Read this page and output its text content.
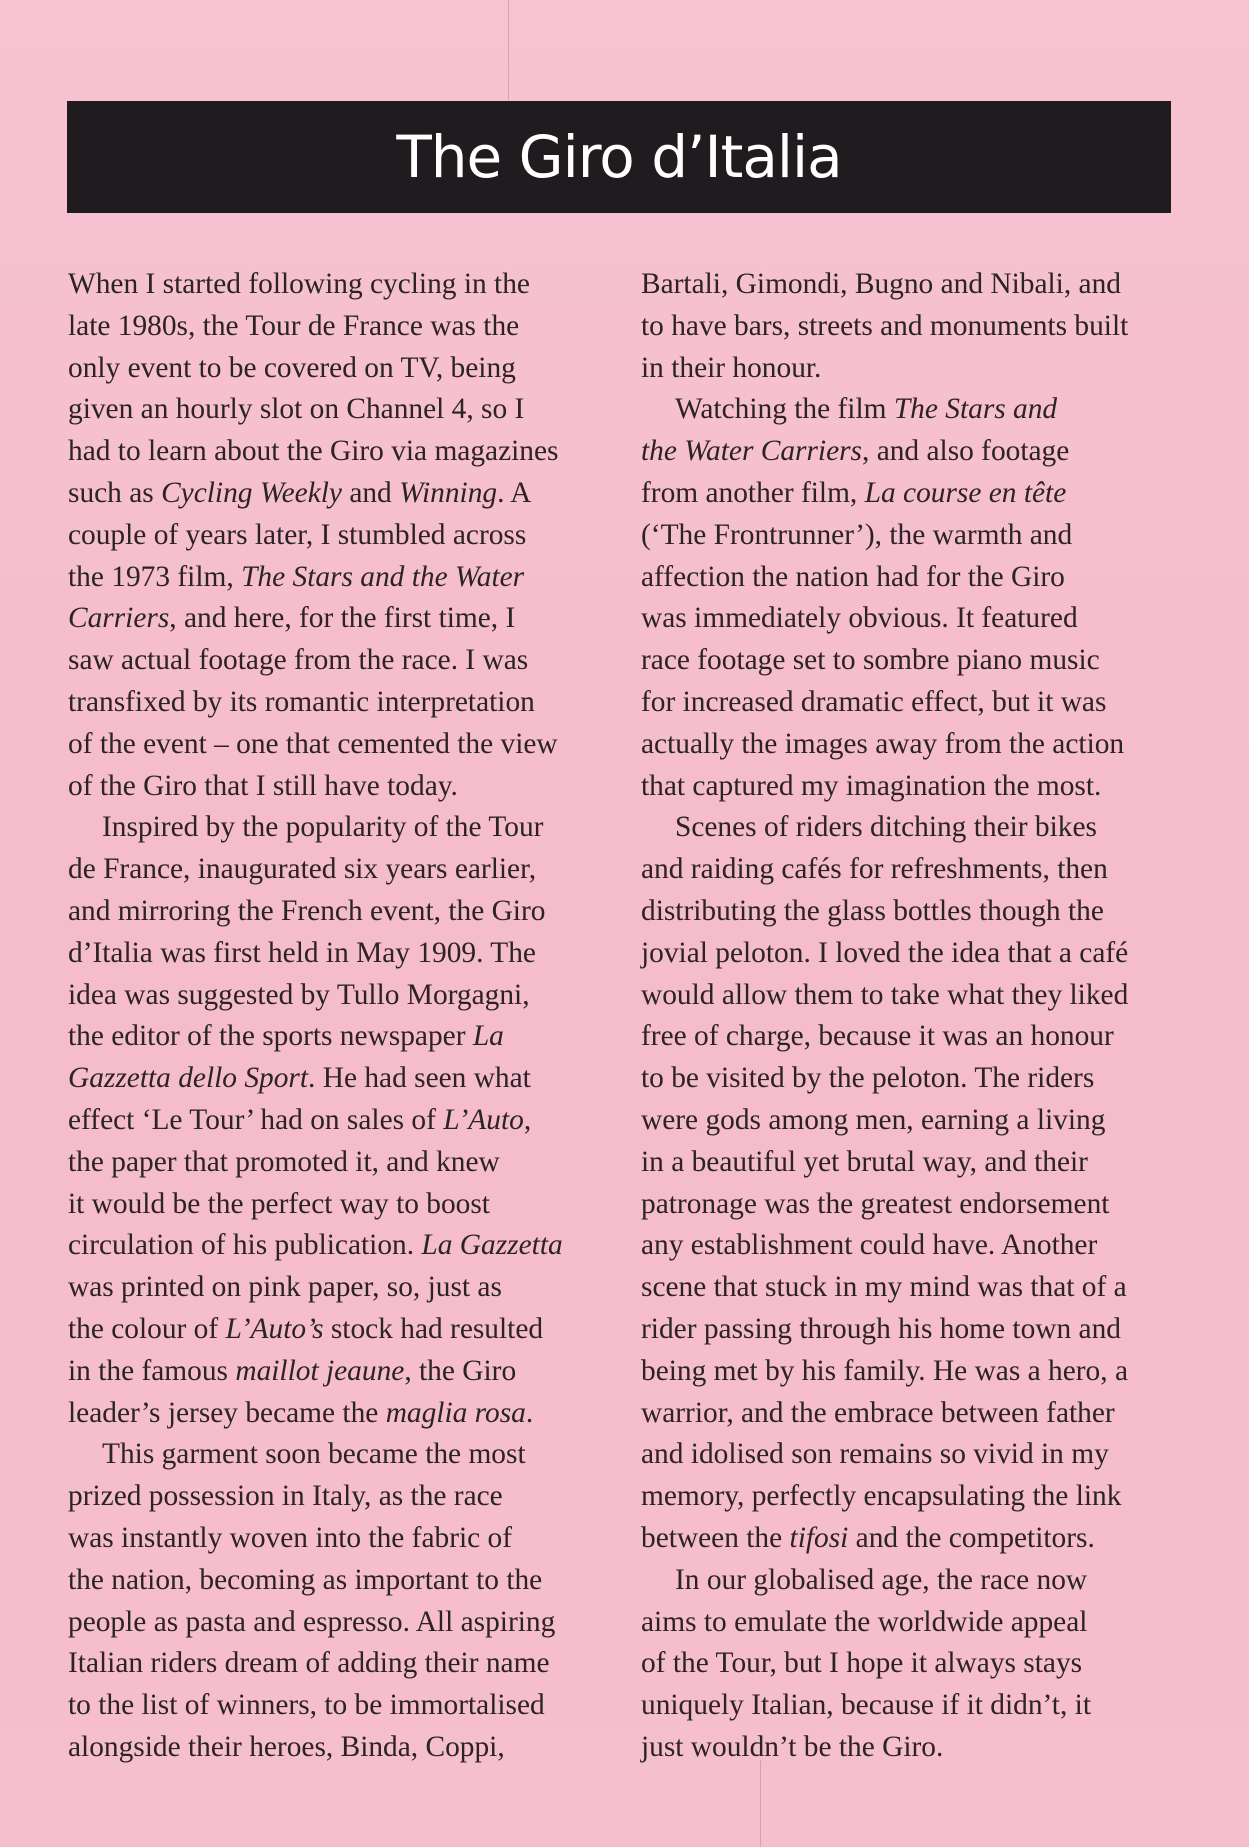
The Giro d’Italia

When I started following cycling in the
late 1980s, the Tour de France was the
only event to be covered on TV, being
given an hourly slot on Channel 4, so I
had to learn about the Giro via magazines
such as Cycling Weekly and Winning. A
couple of years later, I stumbled across
the 1973 film, The Stars and the Water
Carriers, and here, for the first time, I
saw actual footage from the race. I was
transfixed by its romantic interpretation
of the event – one that cemented the view
of the Giro that I still have today.

Inspired by the popularity of the Tour
de France, inaugurated six years earlier,
and mirroring the French event, the Giro
d’Italia was first held in May 1909. The
idea was suggested by Tullo Morgagni,
the editor of the sports newspaper La
Gazzetta dello Sport. He had seen what
effect ‘Le Tour’ had on sales of L’Auto,
the paper that promoted it, and knew
it would be the perfect way to boost
circulation of his publication. La Gazzetta
was printed on pink paper, so, just as
the colour of L’Auto’s stock had resulted
in the famous maillot jeaune, the Giro
leader’s jersey became the maglia rosa.

This garment soon became the most
prized possession in Italy, as the race
was instantly woven into the fabric of
the nation, becoming as important to the
people as pasta and espresso. All aspiring
Italian riders dream of adding their name
to the list of winners, to be immortalised
alongside their heroes, Binda, Coppi,

Bartali, Gimondi, Bugno and Nibali, and
to have bars, streets and monuments built
in their honour.

Watching the film The Stars and
the Water Carriers, and also footage
from another film, La course en tête
(‘The Frontrunner’), the warmth and
affection the nation had for the Giro
was immediately obvious. It featured
race footage set to sombre piano music
for increased dramatic effect, but it was
actually the images away from the action
that captured my imagination the most.

Scenes of riders ditching their bikes
and raiding cafés for refreshments, then
distributing the glass bottles though the
jovial peloton. I loved the idea that a café
would allow them to take what they liked
free of charge, because it was an honour
to be visited by the peloton. The riders
were gods among men, earning a living
in a beautiful yet brutal way, and their
patronage was the greatest endorsement
any establishment could have. Another
scene that stuck in my mind was that of a
rider passing through his home town and
being met by his family. He was a hero, a
warrior, and the embrace between father
and idolised son remains so vivid in my
memory, perfectly encapsulating the link
between the tifosi and the competitors.

In our globalised age, the race now
aims to emulate the worldwide appeal
of the Tour, but I hope it always stays
uniquely Italian, because if it didn’t, it
just wouldn’t be the Giro.
